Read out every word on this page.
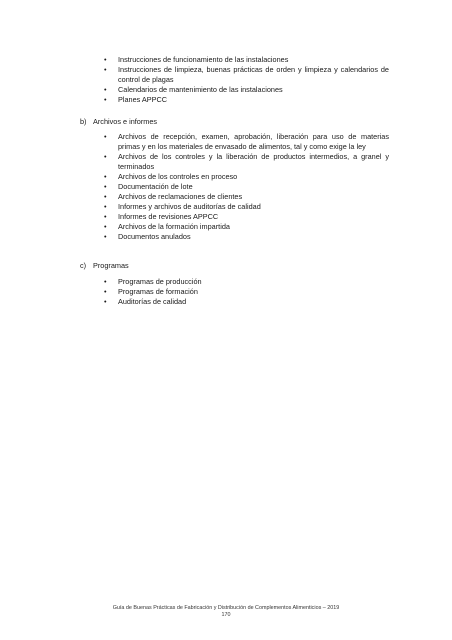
•	Instrucciones de funcionamiento de las instalaciones
•	Instrucciones de limpieza, buenas prácticas de orden y limpieza y calendarios de control de plagas
•	Calendarios de mantenimiento de las instalaciones
•	Planes APPCC
b) Archivos e informes
•	Archivos de recepción, examen, aprobación, liberación para uso de materias primas y en los materiales de envasado de alimentos, tal y como exige la ley
•	Archivos de los controles y la liberación de productos intermedios, a granel y terminados
•	Archivos de los controles en proceso
•	Documentación de lote
•	Archivos de reclamaciones de clientes
•	Informes y archivos de auditorías de calidad
•	Informes de revisiones APPCC
•	Archivos de la formación impartida
•	Documentos anulados
c) Programas
•	Programas de producción
•	Programas de formación
•	Auditorías de calidad
Guía de Buenas Prácticas de Fabricación y Distribución de Complementos Alimenticios – 2019
170
